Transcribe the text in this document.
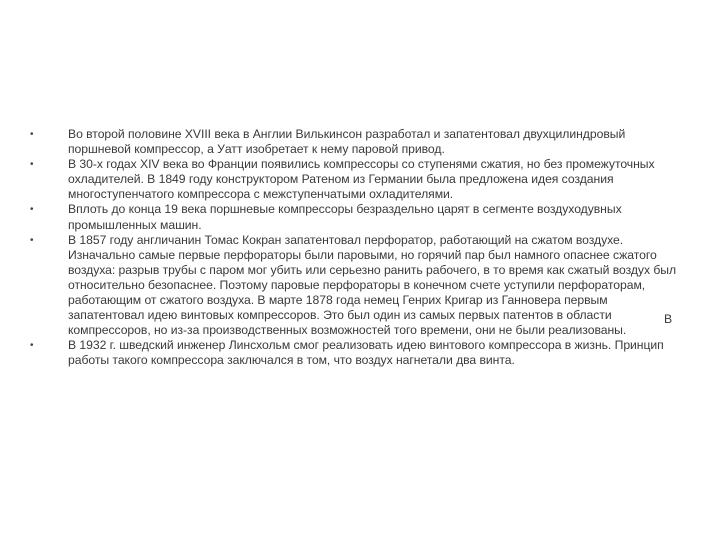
•	Во второй половине XVIII века в Англии Вилькинсон разработал и запатентовал двухцилиндровый поршневой компрессор, а Уатт изобретает к нему паровой привод.
•	В 30-х годах XIV века во Франции появились компрессоры со ступенями сжатия, но без промежуточных охладителей. В 1849 году конструктором Ратеном из Германии была предложена идея создания многоступенчатого компрессора с межступенчатыми охладителями.
•	Вплоть до конца 19 века поршневые компрессоры безраздельно царят в сегменте воздуходувных промышленных машин.
•	В 1857 году англичанин Томас Кокран запатентовал перфоратор, работающий на сжатом воздухе. Изначально самые первые перфораторы были паровыми, но горячий пар был намного опаснее сжатого воздуха: разрыв трубы с паром мог убить или серьезно ранить рабочего, в то время как сжатый воздух был относительно безопаснее. Поэтому паровые перфораторы в конечном счете уступили перфораторам, работающим от сжатого воздуха. В марте 1878 года немец Генрих Кригар из Ганновера первым запатентовал идею винтовых компрессоров. Это был один из самых первых патентов в области компрессоров, но из-за производственных возможностей того времени, они не были реализованы.
•	В 1932 г. шведский инженер Линсхольм смог реализовать идею винтового компрессора в жизнь. Принцип работы такого компрессора заключался в том, что воздух нагнетали два винта.
В
